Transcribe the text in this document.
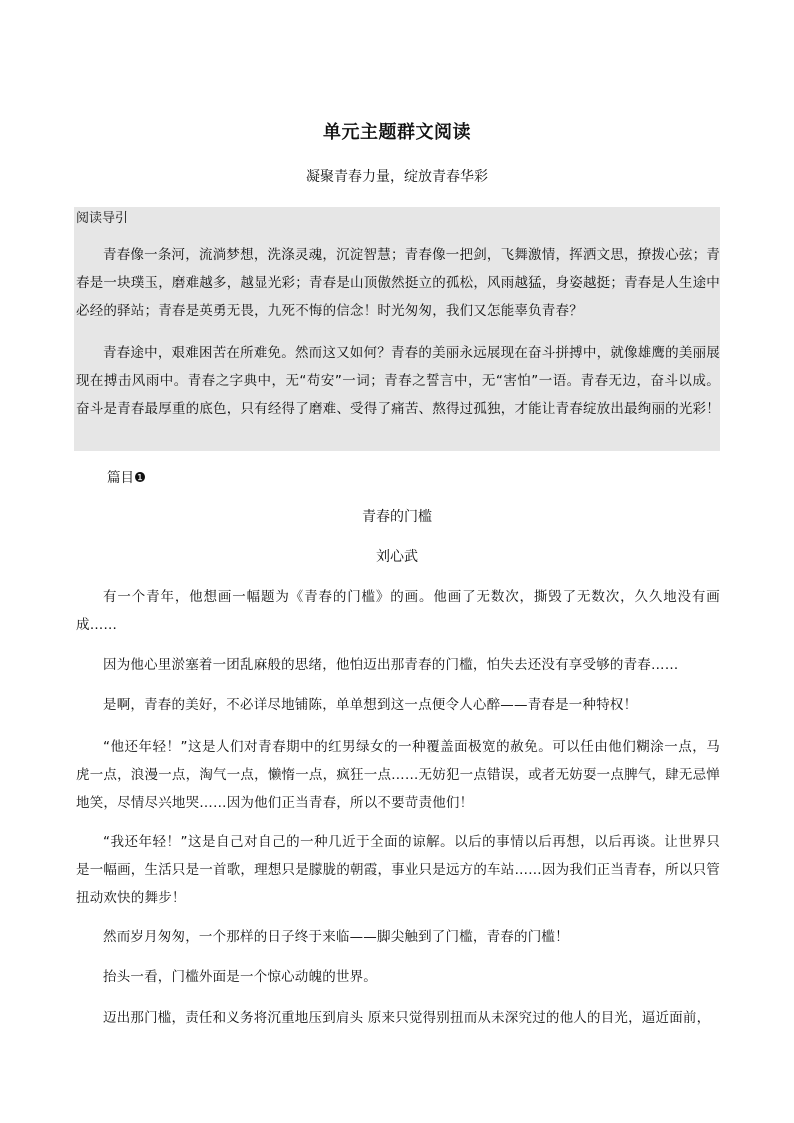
单元主题群文阅读
凝聚青春力量，绽放青春华彩
阅读导引
青春像一条河，流淌梦想，洗涤灵魂，沉淀智慧；青春像一把剑，飞舞激情，挥洒文思，撩拨心弦；青春是一块璞玉，磨难越多，越显光彩；青春是山顶傲然挺立的孤松，风雨越猛，身姿越挺；青春是人生途中必经的驿站；青春是英勇无畏，九死不悔的信念！时光匆匆，我们又怎能辜负青春？
青春途中，艰难困苦在所难免。然而这又如何？青春的美丽永远展现在奋斗拼搏中，就像雄鹰的美丽展现在搏击风雨中。青春之字典中，无“苟安”一词；青春之誓言中，无“害怕”一语。青春无边，奋斗以成。奋斗是青春最厚重的底色，只有经得了磨难、受得了痛苦、熬得过孤独，才能让青春绽放出最绚丽的光彩！
篇目❶
青春的门槛
刘心武
有一个青年，他想画一幅题为《青春的门槛》的画。他画了无数次，撕毁了无数次，久久地没有画成……
因为他心里淤塞着一团乱麻般的思绪，他怕迈出那青春的门槛，怕失去还没有享受够的青春……
是啊，青春的美好，不必详尽地铺陈，单单想到这一点便令人心醉——青春是一种特权！
“他还年轻！”这是人们对青春期中的红男绿女的一种覆盖面极宽的赦免。可以任由他们糊涂一点，马虎一点，浪漫一点，淘气一点，懒惰一点，疯狂一点……无妨犯一点错误，或者无妨耍一点脾气，肆无忌惮地笑，尽情尽兴地哭……因为他们正当青春，所以不要苛责他们！
“我还年轻！”这是自己对自己的一种几近于全面的谅解。以后的事情以后再想，以后再谈。让世界只是一幅画，生活只是一首歌，理想只是朦胧的朝霞，事业只是远方的车站……因为我们正当青春，所以只管扭动欢快的舞步！
然而岁月匆匆，一个那样的日子终于来临——脚尖触到了门槛，青春的门槛！
抬头一看，门槛外面是一个惊心动魄的世界。
迈出那门槛，责任和义务将沉重地压到肩头 原来只觉得别扭而从未深究过的他人的目光，逼近面前，
